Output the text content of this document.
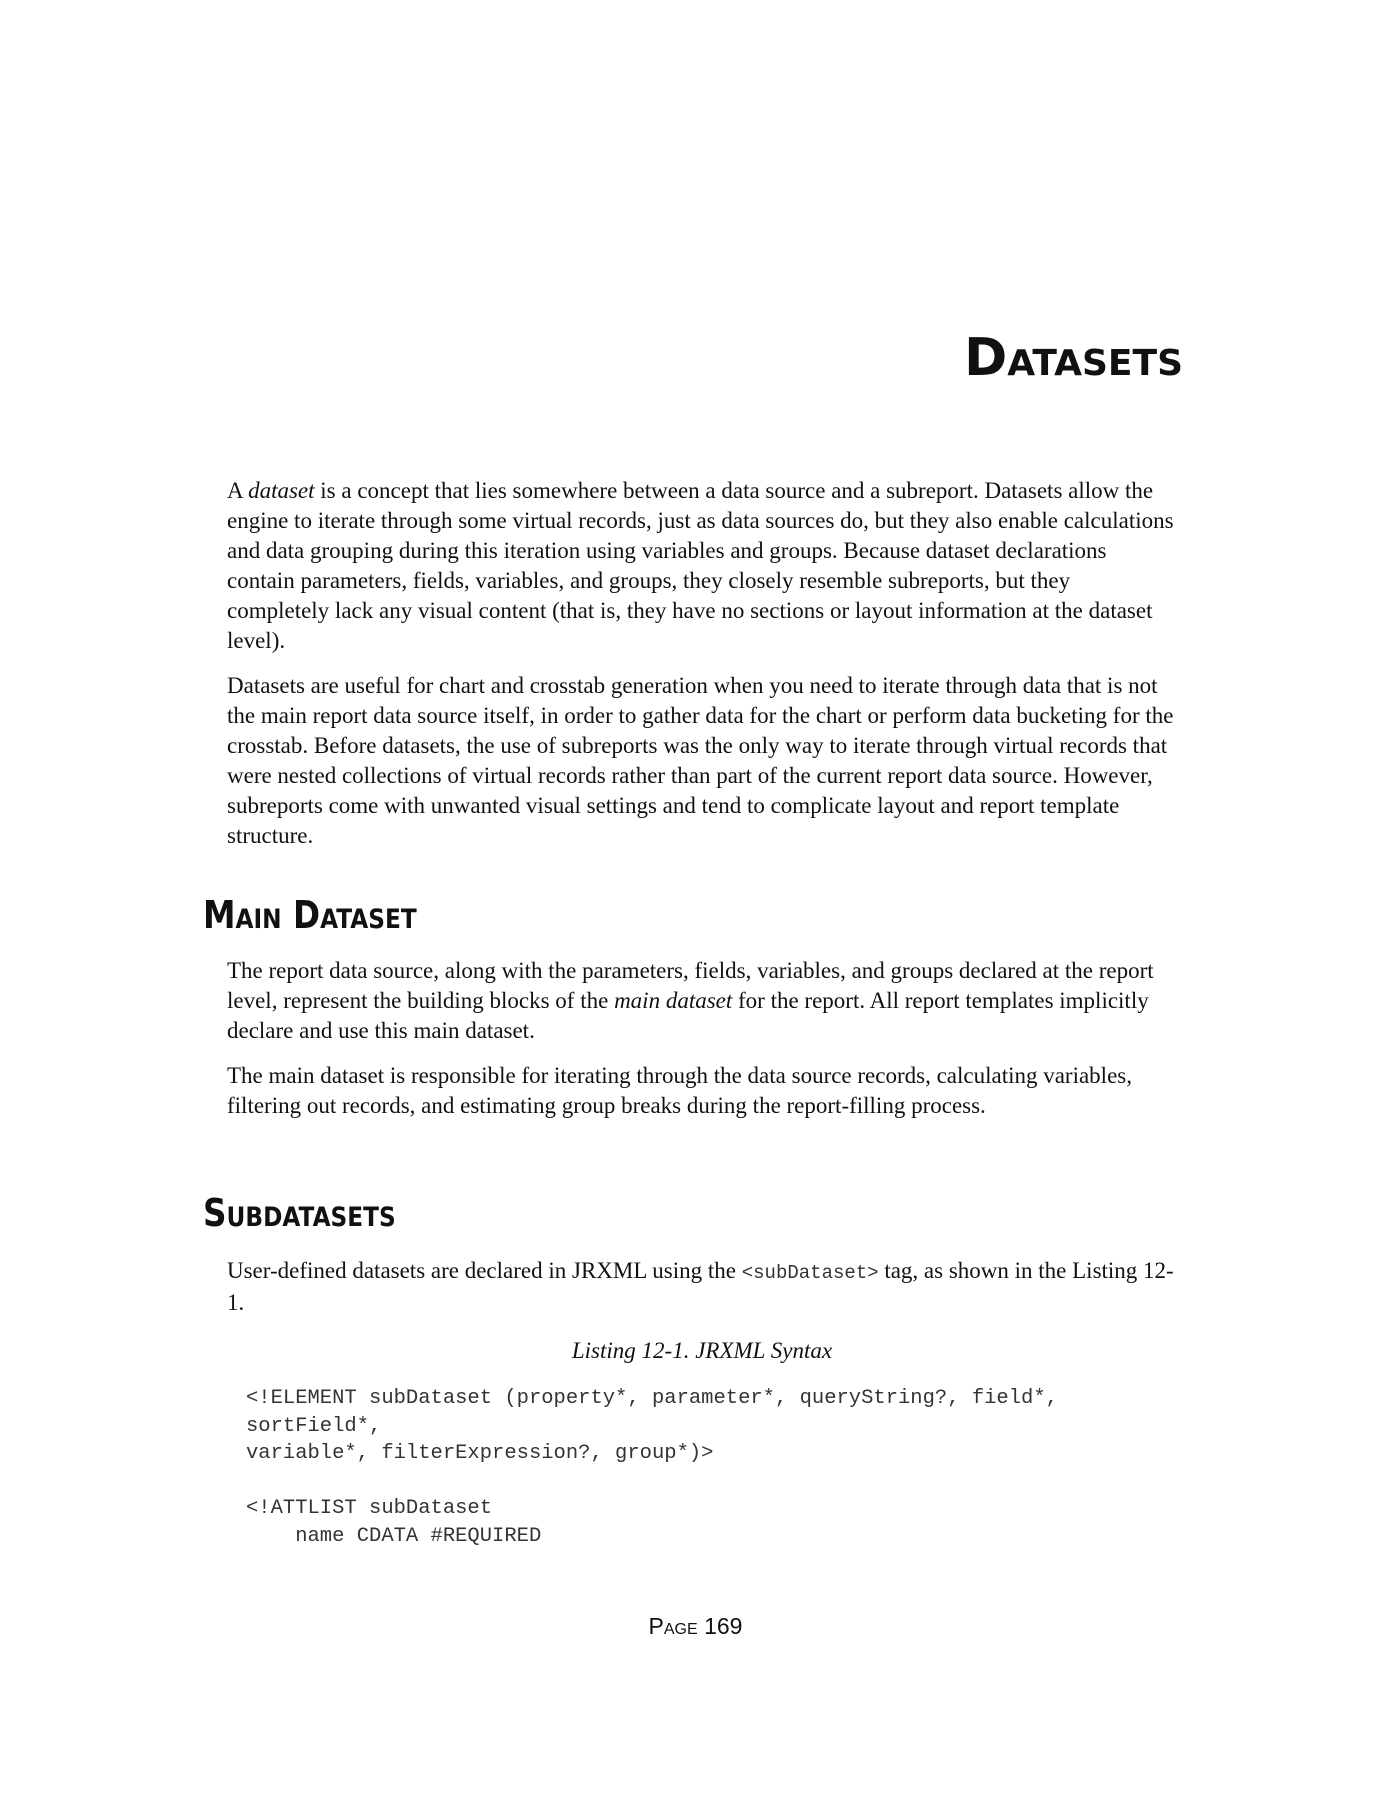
Datasets

A dataset is a concept that lies somewhere between a data source and a subreport. Datasets allow the engine to iterate through some virtual records, just as data sources do, but they also enable calculations and data grouping during this iteration using variables and groups. Because dataset declarations contain parameters, fields, variables, and groups, they closely resemble subreports, but they completely lack any visual content (that is, they have no sections or layout information at the dataset level).

Datasets are useful for chart and crosstab generation when you need to iterate through data that is not the main report data source itself, in order to gather data for the chart or perform data bucketing for the crosstab. Before datasets, the use of subreports was the only way to iterate through virtual records that were nested collections of virtual records rather than part of the current report data source. However, subreports come with unwanted visual settings and tend to complicate layout and report template structure.

Main Dataset

The report data source, along with the parameters, fields, variables, and groups declared at the report level, represent the building blocks of the main dataset for the report. All report templates implicitly declare and use this main dataset.

The main dataset is responsible for iterating through the data source records, calculating variables, filtering out records, and estimating group breaks during the report-filling process.

Subdatasets

User-defined datasets are declared in JRXML using the <subDataset> tag, as shown in the Listing 12-1.

Listing 12-1. JRXML Syntax

<!ELEMENT subDataset (property*, parameter*, queryString?, field*,
sortField*,
variable*, filterExpression?, group*)>
<!ATTLIST subDataset
name CDATA #REQUIRED
Page 169
